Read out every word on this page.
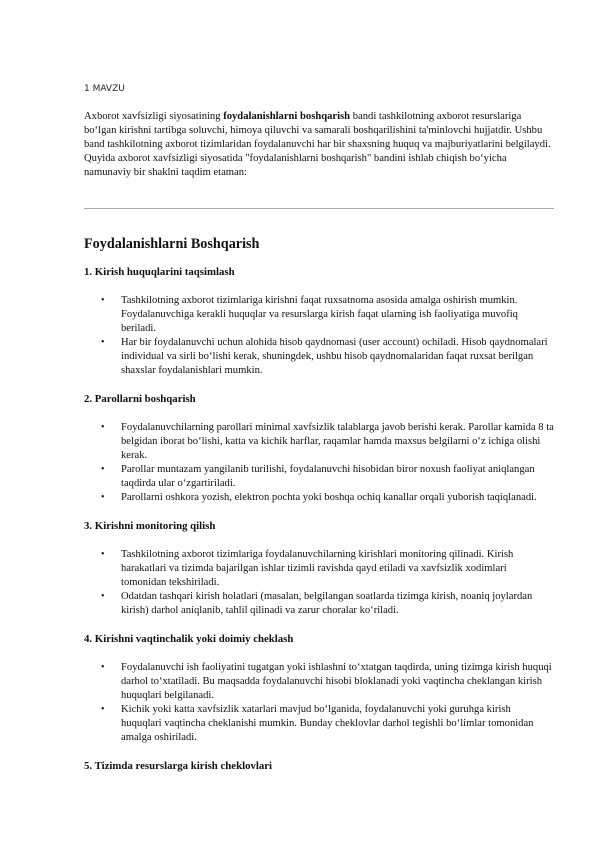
1 MAVZU

Axborot xavfsizligi siyosatining foydalanishlarni boshqarish bandi tashkilotning axborot resurslariga bo‘lgan kirishni tartibga soluvchi, himoya qiluvchi va samarali boshqarilishini ta'minlovchi hujjatdir. Ushbu band tashkilotning axborot tizimlaridan foydalanuvchi har bir shaxsning huquq va majburiyatlarini belgilaydi. Quyida axborot xavfsizligi siyosatida "foydalanishlarni boshqarish" bandini ishlab chiqish bo‘yicha namunaviy bir shaklni taqdim etaman:

Foydalanishlarni Boshqarish
1. Kirish huquqlarini taqsimlash
• Tashkilotning axborot tizimlariga kirishni faqat ruxsatnoma asosida amalga oshirish mumkin. Foydalanuvchiga kerakli huquqlar va resurslarga kirish faqat ularning ish faoliyatiga muvofiq beriladi.
• Har bir foydalanuvchi uchun alohida hisob qaydnomasi (user account) ochiladi. Hisob qaydnomalari individual va sirli bo‘lishi kerak, shuningdek, ushbu hisob qaydnomalaridan faqat ruxsat berilgan shaxslar foydalanishlari mumkin.
2. Parollarni boshqarish
• Foydalanuvchilarning parollari minimal xavfsizlik talablarga javob berishi kerak. Parollar kamida 8 ta belgidan iborat bo‘lishi, katta va kichik harflar, raqamlar hamda maxsus belgilarni o‘z ichiga olishi kerak.
• Parollar muntazam yangilanib turilishi, foydalanuvchi hisobidan biror noxush faoliyat aniqlangan taqdirda ular o‘zgartiriladi.
• Parollarni oshkora yozish, elektron pochta yoki boshqa ochiq kanallar orqali yuborish taqiqlanadi.
3. Kirishni monitoring qilish
• Tashkilotning axborot tizimlariga foydalanuvchilarning kirishlari monitoring qilinadi. Kirish harakatlari va tizimda bajarilgan ishlar tizimli ravishda qayd etiladi va xavfsizlik xodimlari tomonidan tekshiriladi.
• Odatdan tashqari kirish holatlari (masalan, belgilangan soatlarda tizimga kirish, noaniq joylardan kirish) darhol aniqlanib, tahlil qilinadi va zarur choralar ko‘riladi.
4. Kirishni vaqtinchalik yoki doimiy cheklash
• Foydalanuvchi ish faoliyatini tugatgan yoki ishlashni to‘xtatgan taqdirda, uning tizimga kirish huquqi darhol to‘xtatiladi. Bu maqsadda foydalanuvchi hisobi bloklanadi yoki vaqtincha cheklangan kirish huquqlari belgilanadi.
• Kichik yoki katta xavfsizlik xatarlari mavjud bo‘lganida, foydalanuvchi yoki guruhga kirish huquqlari vaqtincha cheklanishi mumkin. Bunday cheklovlar darhol tegishli bo‘limlar tomonidan amalga oshiriladi.
5. Tizimda resurslarga kirish cheklovlari
